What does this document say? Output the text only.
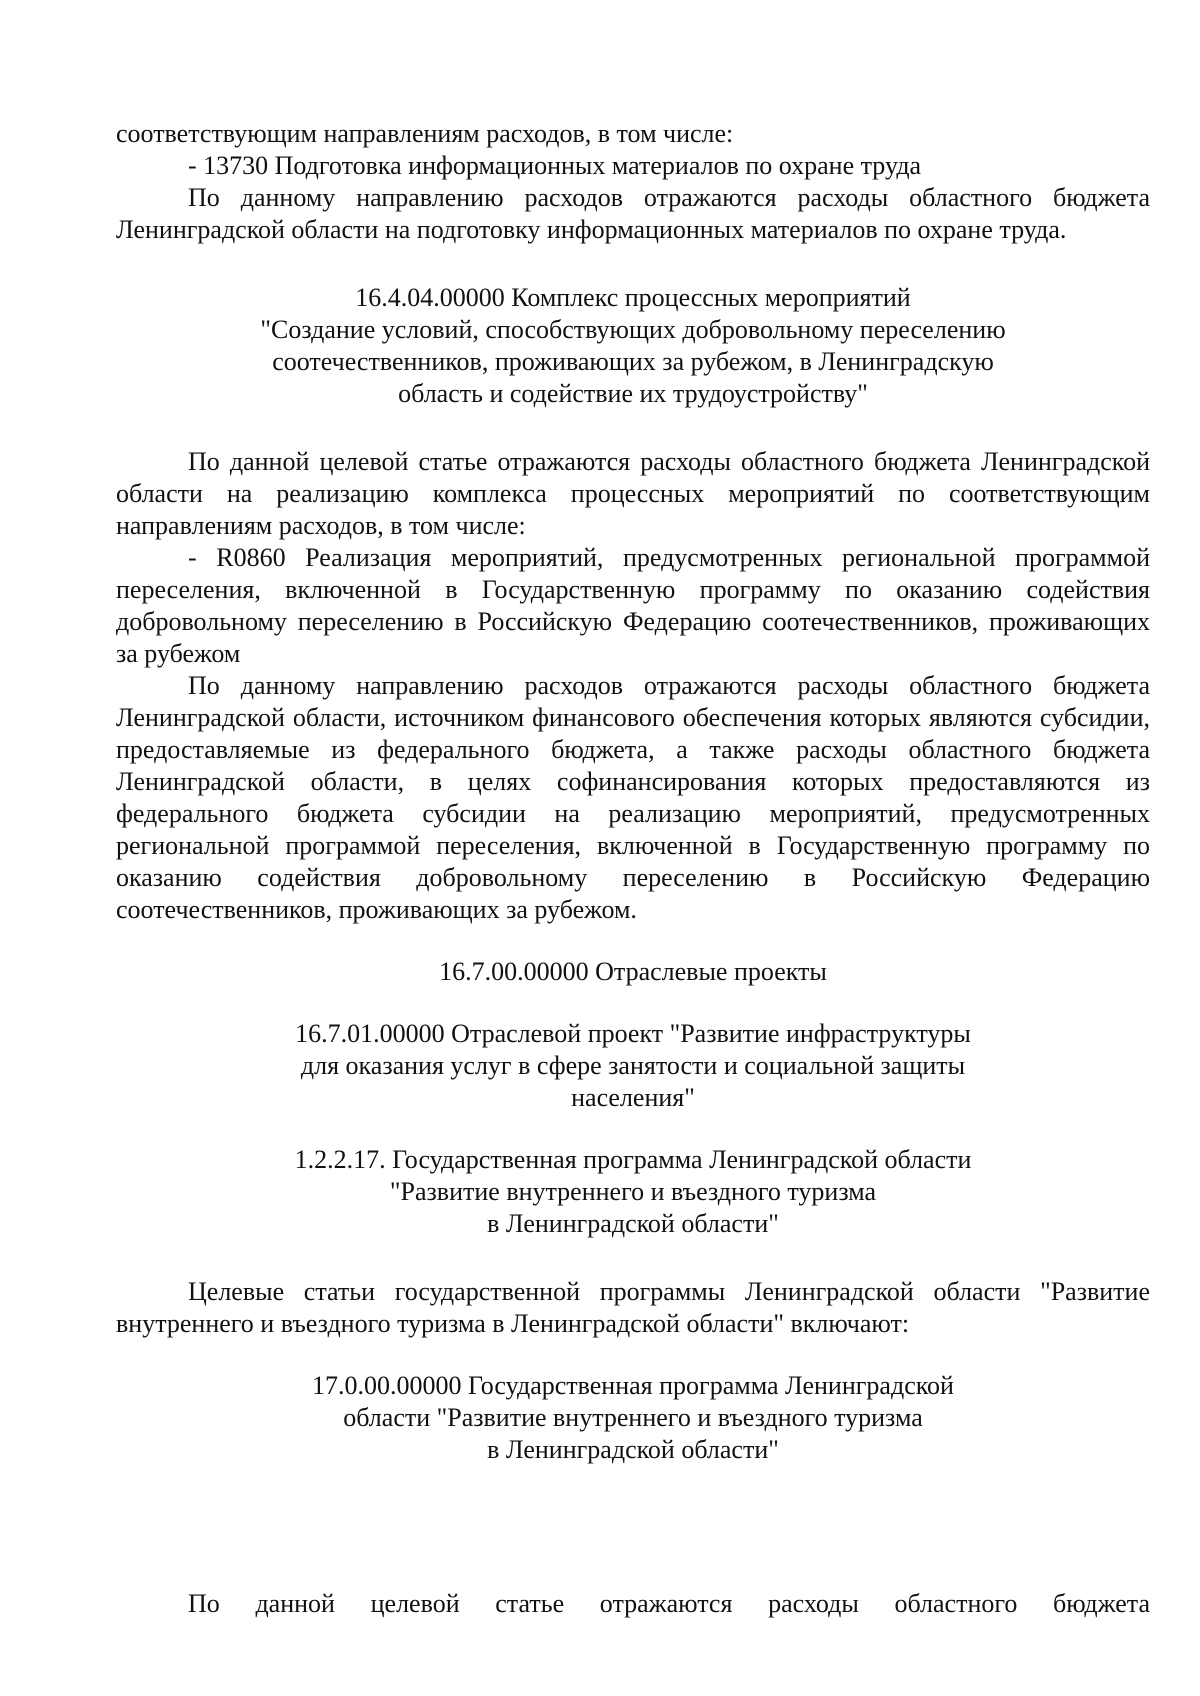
соответствующим направлениям расходов, в том числе:

- 13730 Подготовка информационных материалов по охране труда

По данному направлению расходов отражаются расходы областного бюджета Ленинградской области на подготовку информационных материалов по охране труда.

16.4.04.00000 Комплекс процессных мероприятий
"Создание условий, способствующих добровольному переселению
соотечественников, проживающих за рубежом, в Ленинградскую
область и содействие их трудоустройству"

По данной целевой статье отражаются расходы областного бюджета Ленинградской области на реализацию комплекса процессных мероприятий по соответствующим направлениям расходов, в том числе:

- R0860 Реализация мероприятий, предусмотренных региональной программой переселения, включенной в Государственную программу по оказанию содействия добровольному переселению в Российскую Федерацию соотечественников, проживающих за рубежом

По данному направлению расходов отражаются расходы областного бюджета Ленинградской области, источником финансового обеспечения которых являются субсидии, предоставляемые из федерального бюджета, а также расходы областного бюджета Ленинградской области, в целях софинансирования которых предоставляются из федерального бюджета субсидии на реализацию мероприятий, предусмотренных региональной программой переселения, включенной в Государственную программу по оказанию содействия добровольному переселению в Российскую Федерацию соотечественников, проживающих за рубежом.

16.7.00.00000 Отраслевые проекты
16.7.01.00000 Отраслевой проект "Развитие инфраструктуры
для оказания услуг в сфере занятости и социальной защиты
населения"
1.2.2.17. Государственная программа Ленинградской области
"Развитие внутреннего и въездного туризма
в Ленинградской области"

Целевые статьи государственной программы Ленинградской области "Развитие внутреннего и въездного туризма в Ленинградской области" включают:

17.0.00.00000 Государственная программа Ленинградской
области "Развитие внутреннего и въездного туризма
в Ленинградской области"

По данной целевой статье отражаются расходы областного бюджета
